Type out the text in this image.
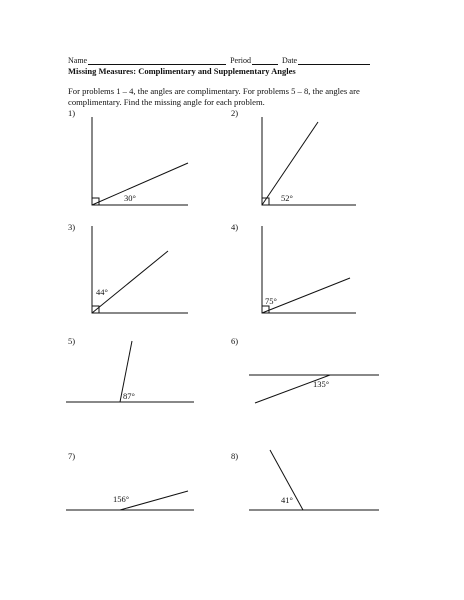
Name	Period	Date
Missing Measures: Complimentary and Supplementary Angles
For problems 1 – 4, the angles are complimentary. For problems 5 – 8, the angles are complimentary. Find the missing angle for each problem.
1)	2)
3)	4)
5)	6)
7)	8)
30°	52°
44°
75°
87°
135°
156°	41°
